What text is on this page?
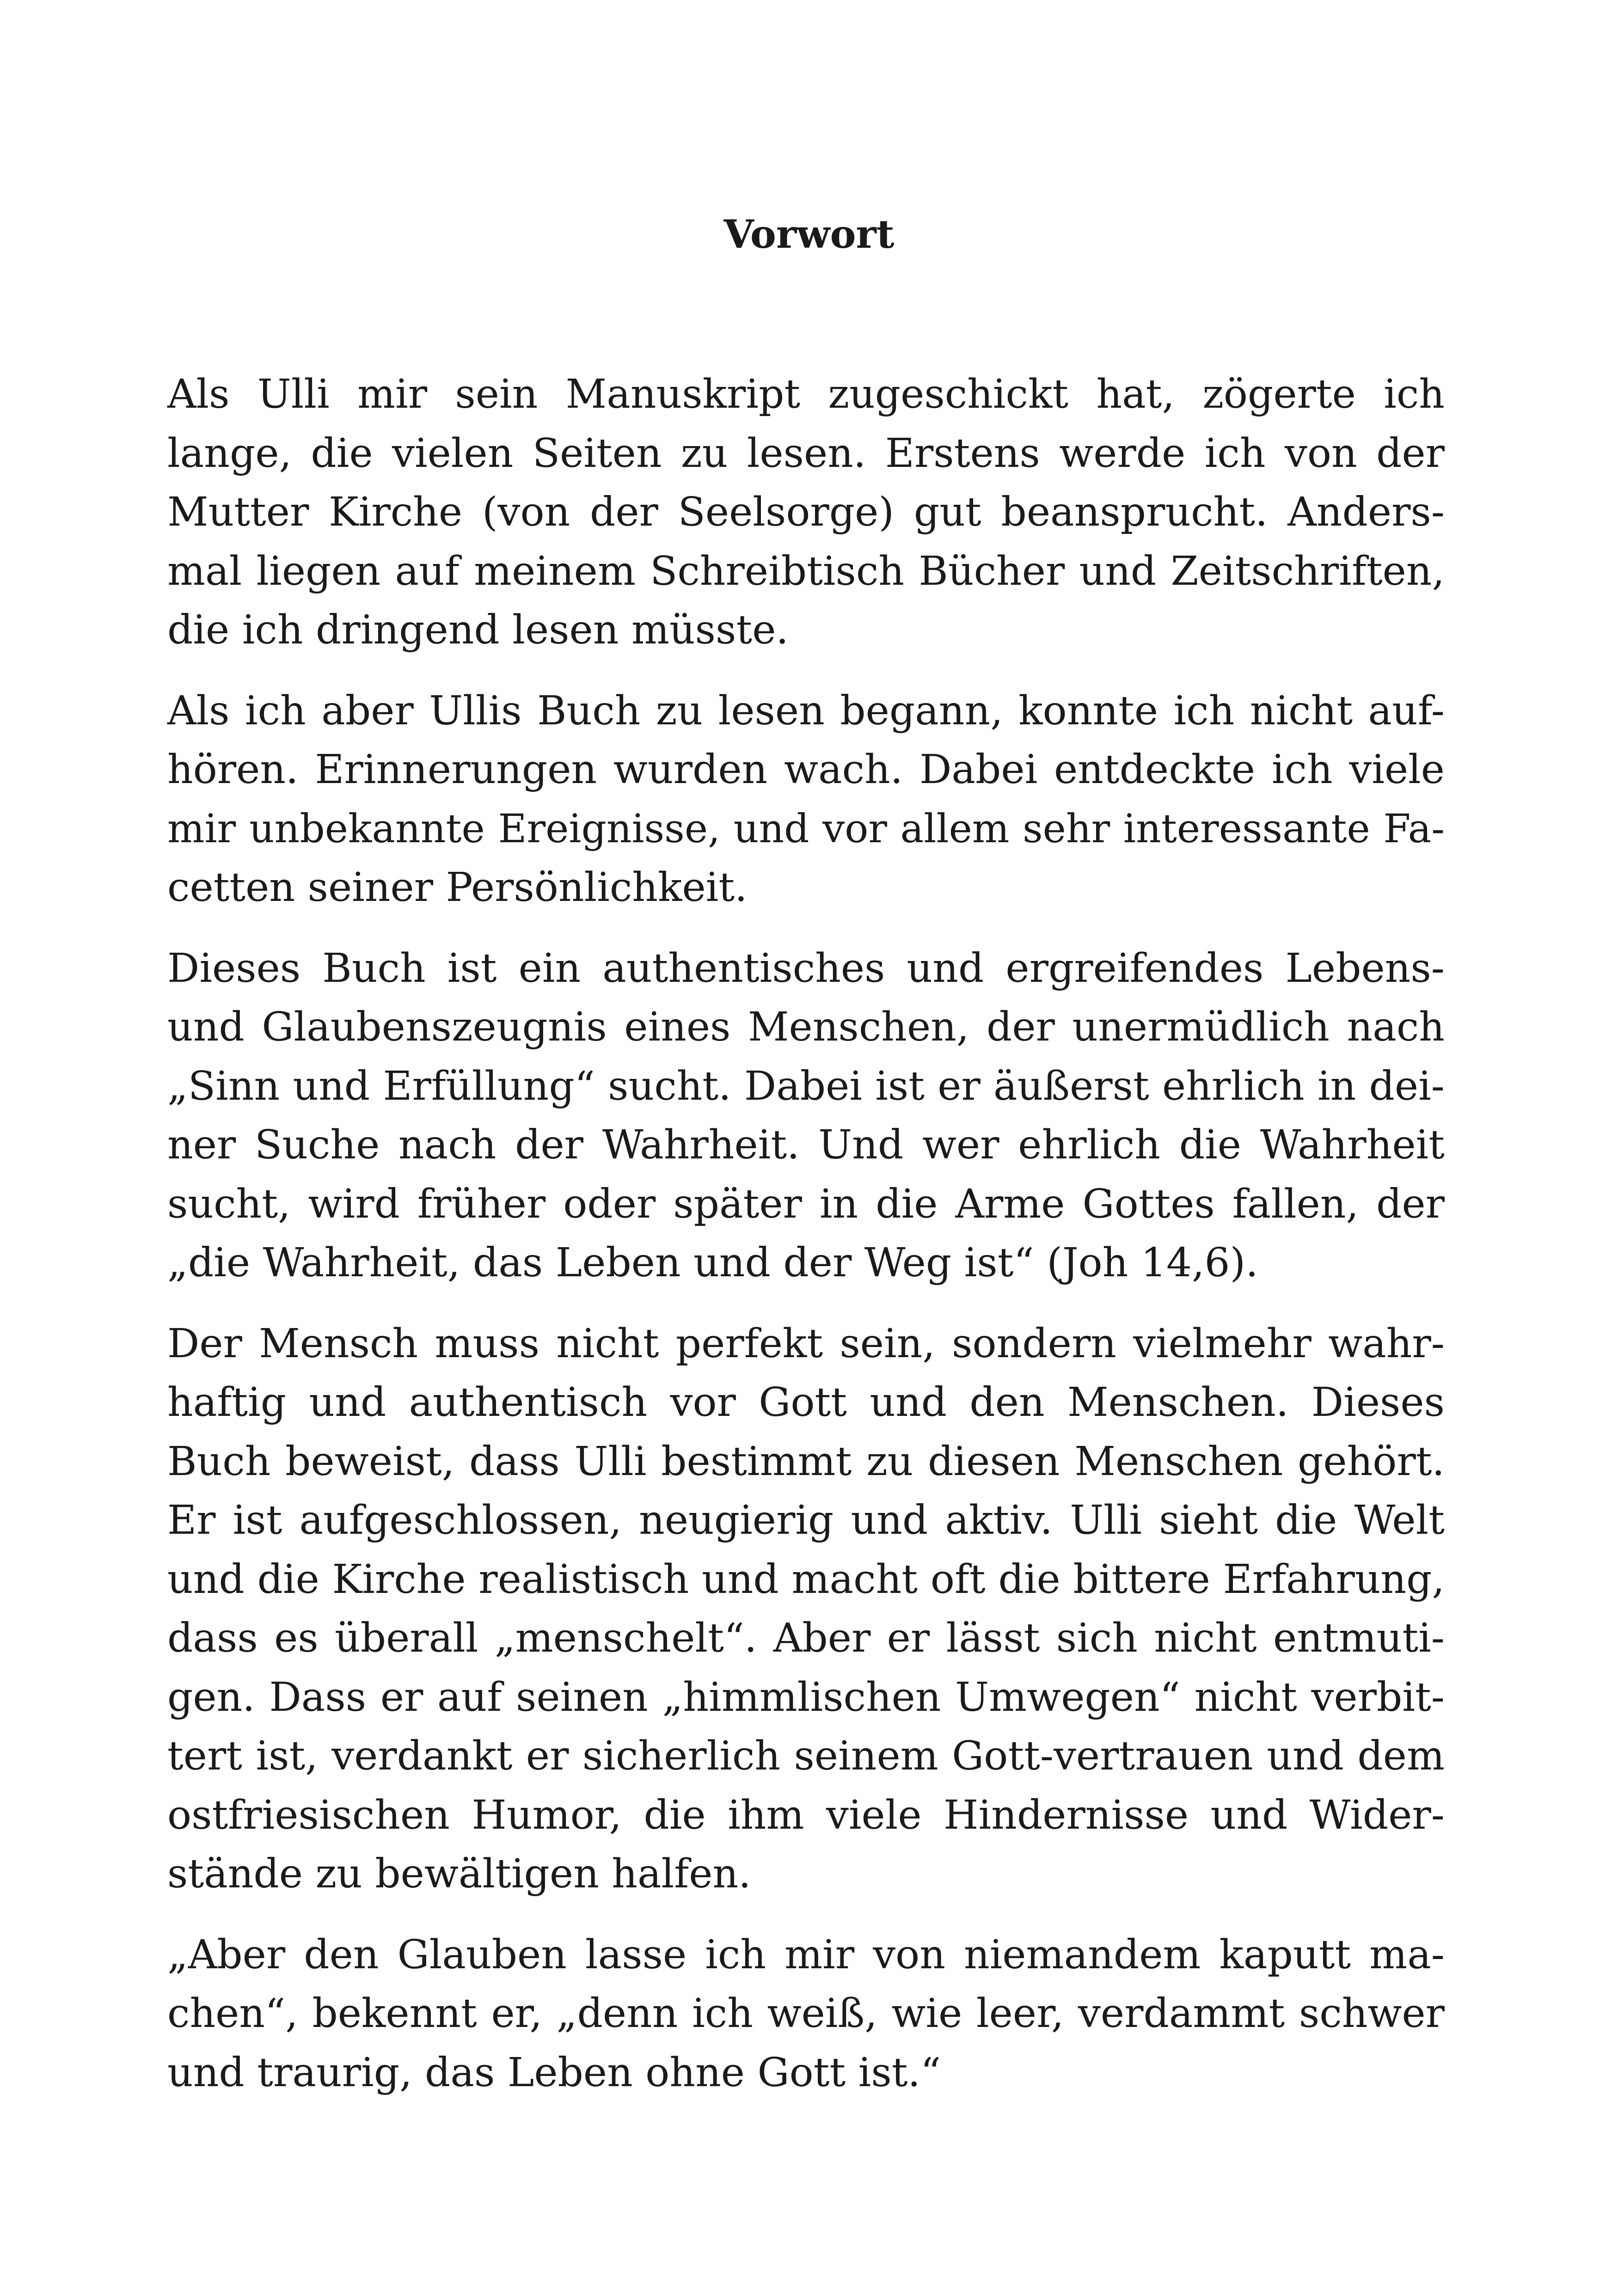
Vorwort

Als Ulli mir sein Manuskript zugeschickt hat, zögerte ich
lange, die vielen Seiten zu lesen. Erstens werde ich von der
Mutter Kirche (von der Seelsorge) gut beansprucht. Anders-
mal liegen auf meinem Schreibtisch Bücher und Zeitschriften,
die ich dringend lesen müsste.

Als ich aber Ullis Buch zu lesen begann, konnte ich nicht auf-
hören. Erinnerungen wurden wach. Dabei entdeckte ich viele
mir unbekannte Ereignisse, und vor allem sehr interessante Fa-
cetten seiner Persönlichkeit.

Dieses Buch ist ein authentisches und ergreifendes Lebens-
und Glaubenszeugnis eines Menschen, der unermüdlich nach
„Sinn und Erfüllung“ sucht. Dabei ist er äußerst ehrlich in dei-
ner Suche nach der Wahrheit. Und wer ehrlich die Wahrheit
sucht, wird früher oder später in die Arme Gottes fallen, der
„die Wahrheit, das Leben und der Weg ist“ (Joh 14,6).

Der Mensch muss nicht perfekt sein, sondern vielmehr wahr-
haftig und authentisch vor Gott und den Menschen. Dieses
Buch beweist, dass Ulli bestimmt zu diesen Menschen gehört.
Er ist aufgeschlossen, neugierig und aktiv. Ulli sieht die Welt
und die Kirche realistisch und macht oft die bittere Erfahrung,
dass es überall „menschelt“. Aber er lässt sich nicht entmuti-
gen. Dass er auf seinen „himmlischen Umwegen“ nicht verbit-
tert ist, verdankt er sicherlich seinem Gott-vertrauen und dem
ostfriesischen Humor, die ihm viele Hindernisse und Wider-
stände zu bewältigen halfen.

„Aber den Glauben lasse ich mir von niemandem kaputt ma-
chen“, bekennt er, „denn ich weiß, wie leer, verdammt schwer
und traurig, das Leben ohne Gott ist.“
